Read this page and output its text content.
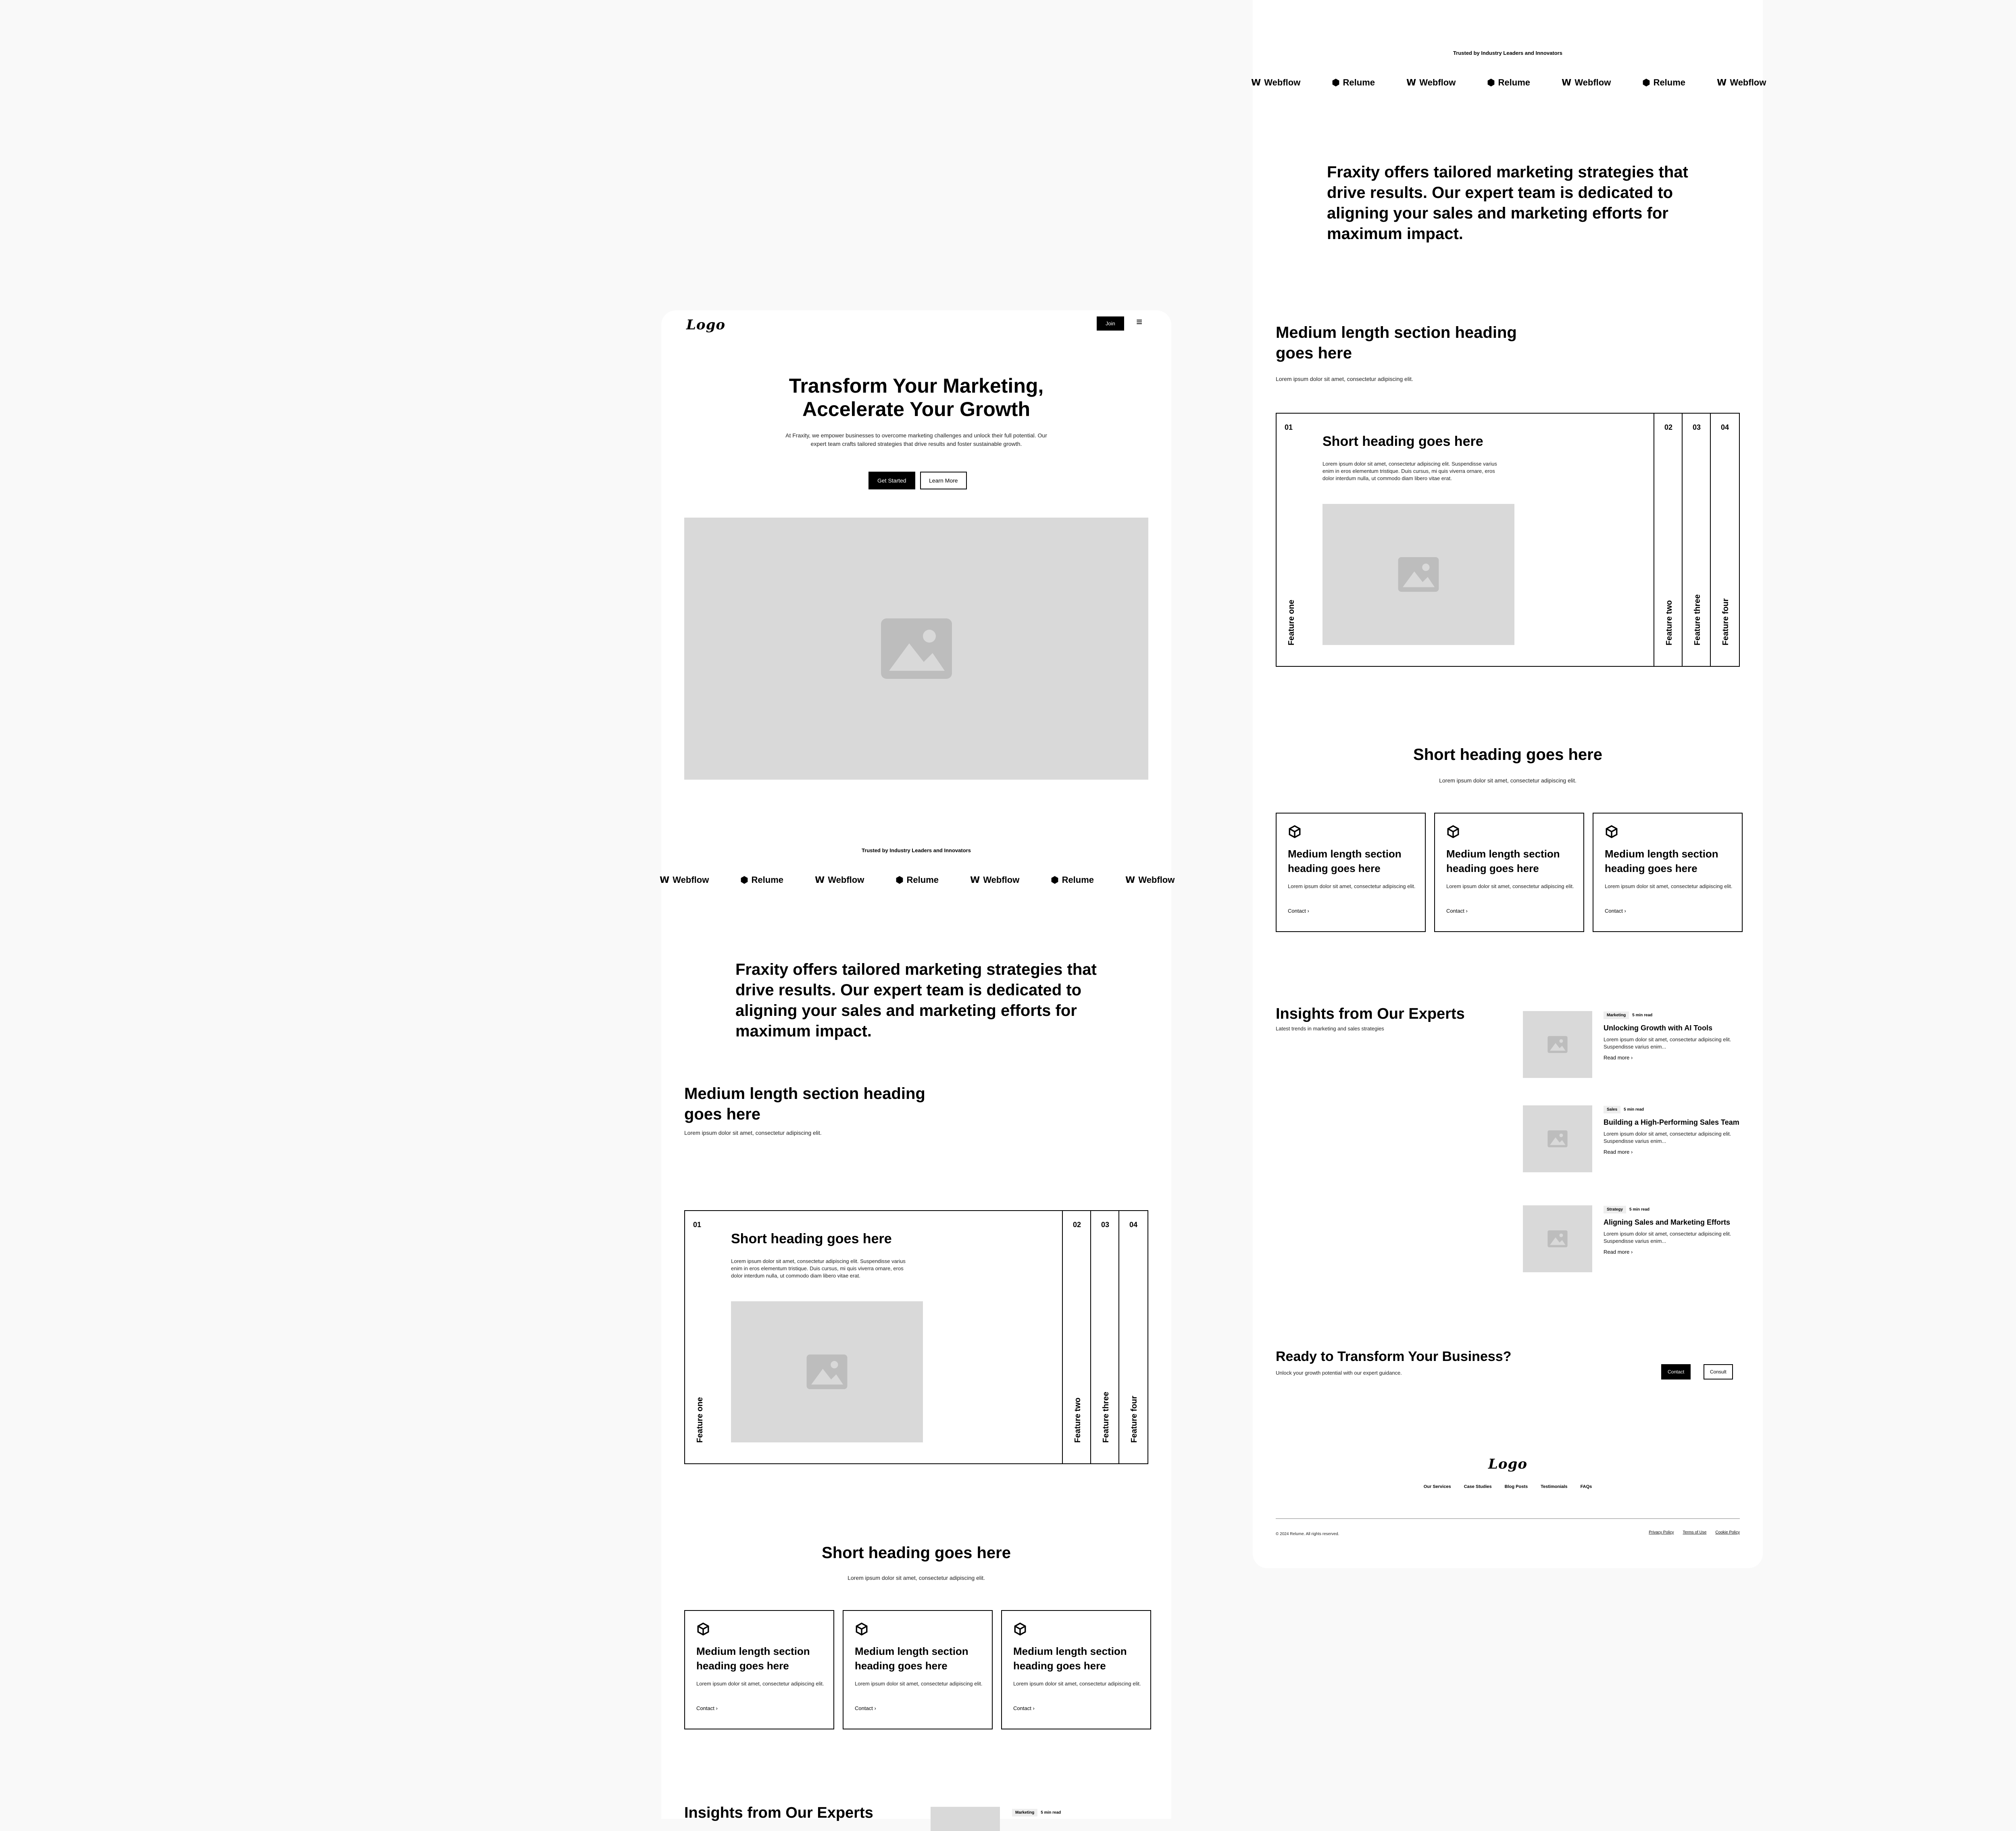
Logo	Join	≡
Transform Your Marketing,
Accelerate Your Growth
At Fraxity, we empower businesses to overcome marketing challenges and unlock their full potential. Our expert team crafts tailored strategies that drive results and foster sustainable growth.
Get Started	Learn More
Trusted by Industry Leaders and Innovators
𝗪 Webflow	⬢ Relume	𝗪 Webflow	⬢ Relume	𝗪 Webflow	⬢ Relume	𝗪 Webflow
Fraxity offers tailored marketing strategies that
drive results. Our expert team is dedicated to
aligning your sales and marketing efforts for
maximum impact.
Medium length section heading
goes here
Lorem ipsum dolor sit amet, consectetur adipiscing elit.
01
Feature one
Short heading goes here
Lorem ipsum dolor sit amet, consectetur adipiscing elit. Suspendisse varius
enim in eros elementum tristique. Duis cursus, mi quis viverra ornare, eros
dolor interdum nulla, ut commodo diam libero vitae erat.
02
Feature two
03
Feature three
04
Feature four
Short heading goes here
Lorem ipsum dolor sit amet, consectetur adipiscing elit.
Medium length section
heading goes here
Lorem ipsum dolor sit amet, consectetur adipiscing elit.
Contact ›
Medium length section
heading goes here
Lorem ipsum dolor sit amet, consectetur adipiscing elit.
Contact ›
Medium length section
heading goes here
Lorem ipsum dolor sit amet, consectetur adipiscing elit.
Contact ›
Insights from Our Experts	Marketing 5 min read
Trusted by Industry Leaders and Innovators
𝗪 Webflow	⬢ Relume	𝗪 Webflow	⬢ Relume	𝗪 Webflow	⬢ Relume	𝗪 Webflow
Fraxity offers tailored marketing strategies that
drive results. Our expert team is dedicated to
aligning your sales and marketing efforts for
maximum impact.
Medium length section heading
goes here
Lorem ipsum dolor sit amet, consectetur adipiscing elit.
01
Feature one
Short heading goes here
Lorem ipsum dolor sit amet, consectetur adipiscing elit. Suspendisse varius
enim in eros elementum tristique. Duis cursus, mi quis viverra ornare, eros
dolor interdum nulla, ut commodo diam libero vitae erat.
02
Feature two
03
Feature three
04
Feature four
Short heading goes here
Lorem ipsum dolor sit amet, consectetur adipiscing elit.
Medium length section
heading goes here
Lorem ipsum dolor sit amet, consectetur adipiscing elit.
Contact ›
Medium length section
heading goes here
Lorem ipsum dolor sit amet, consectetur adipiscing elit.
Contact ›
Medium length section
heading goes here
Lorem ipsum dolor sit amet, consectetur adipiscing elit.
Contact ›
Insights from Our Experts
Latest trends in marketing and sales strategies
Marketing 5 min read
Unlocking Growth with AI Tools
Lorem ipsum dolor sit amet, consectetur adipiscing elit. Suspendisse varius enim...
Read more ›
Sales 5 min read
Building a High-Performing Sales Team
Lorem ipsum dolor sit amet, consectetur adipiscing elit. Suspendisse varius enim...
Read more ›
Strategy 5 min read
Aligning Sales and Marketing Efforts
Lorem ipsum dolor sit amet, consectetur adipiscing elit. Suspendisse varius enim...
Read more ›
Ready to Transform Your Business?
Unlock your growth potential with our expert guidance.	Contact	Consult
Logo
Our Services	Case Studies	Blog Posts	Testimonials	FAQs
© 2024 Relume. All rights reserved.	Privacy Policy Terms of Use Cookie Policy
